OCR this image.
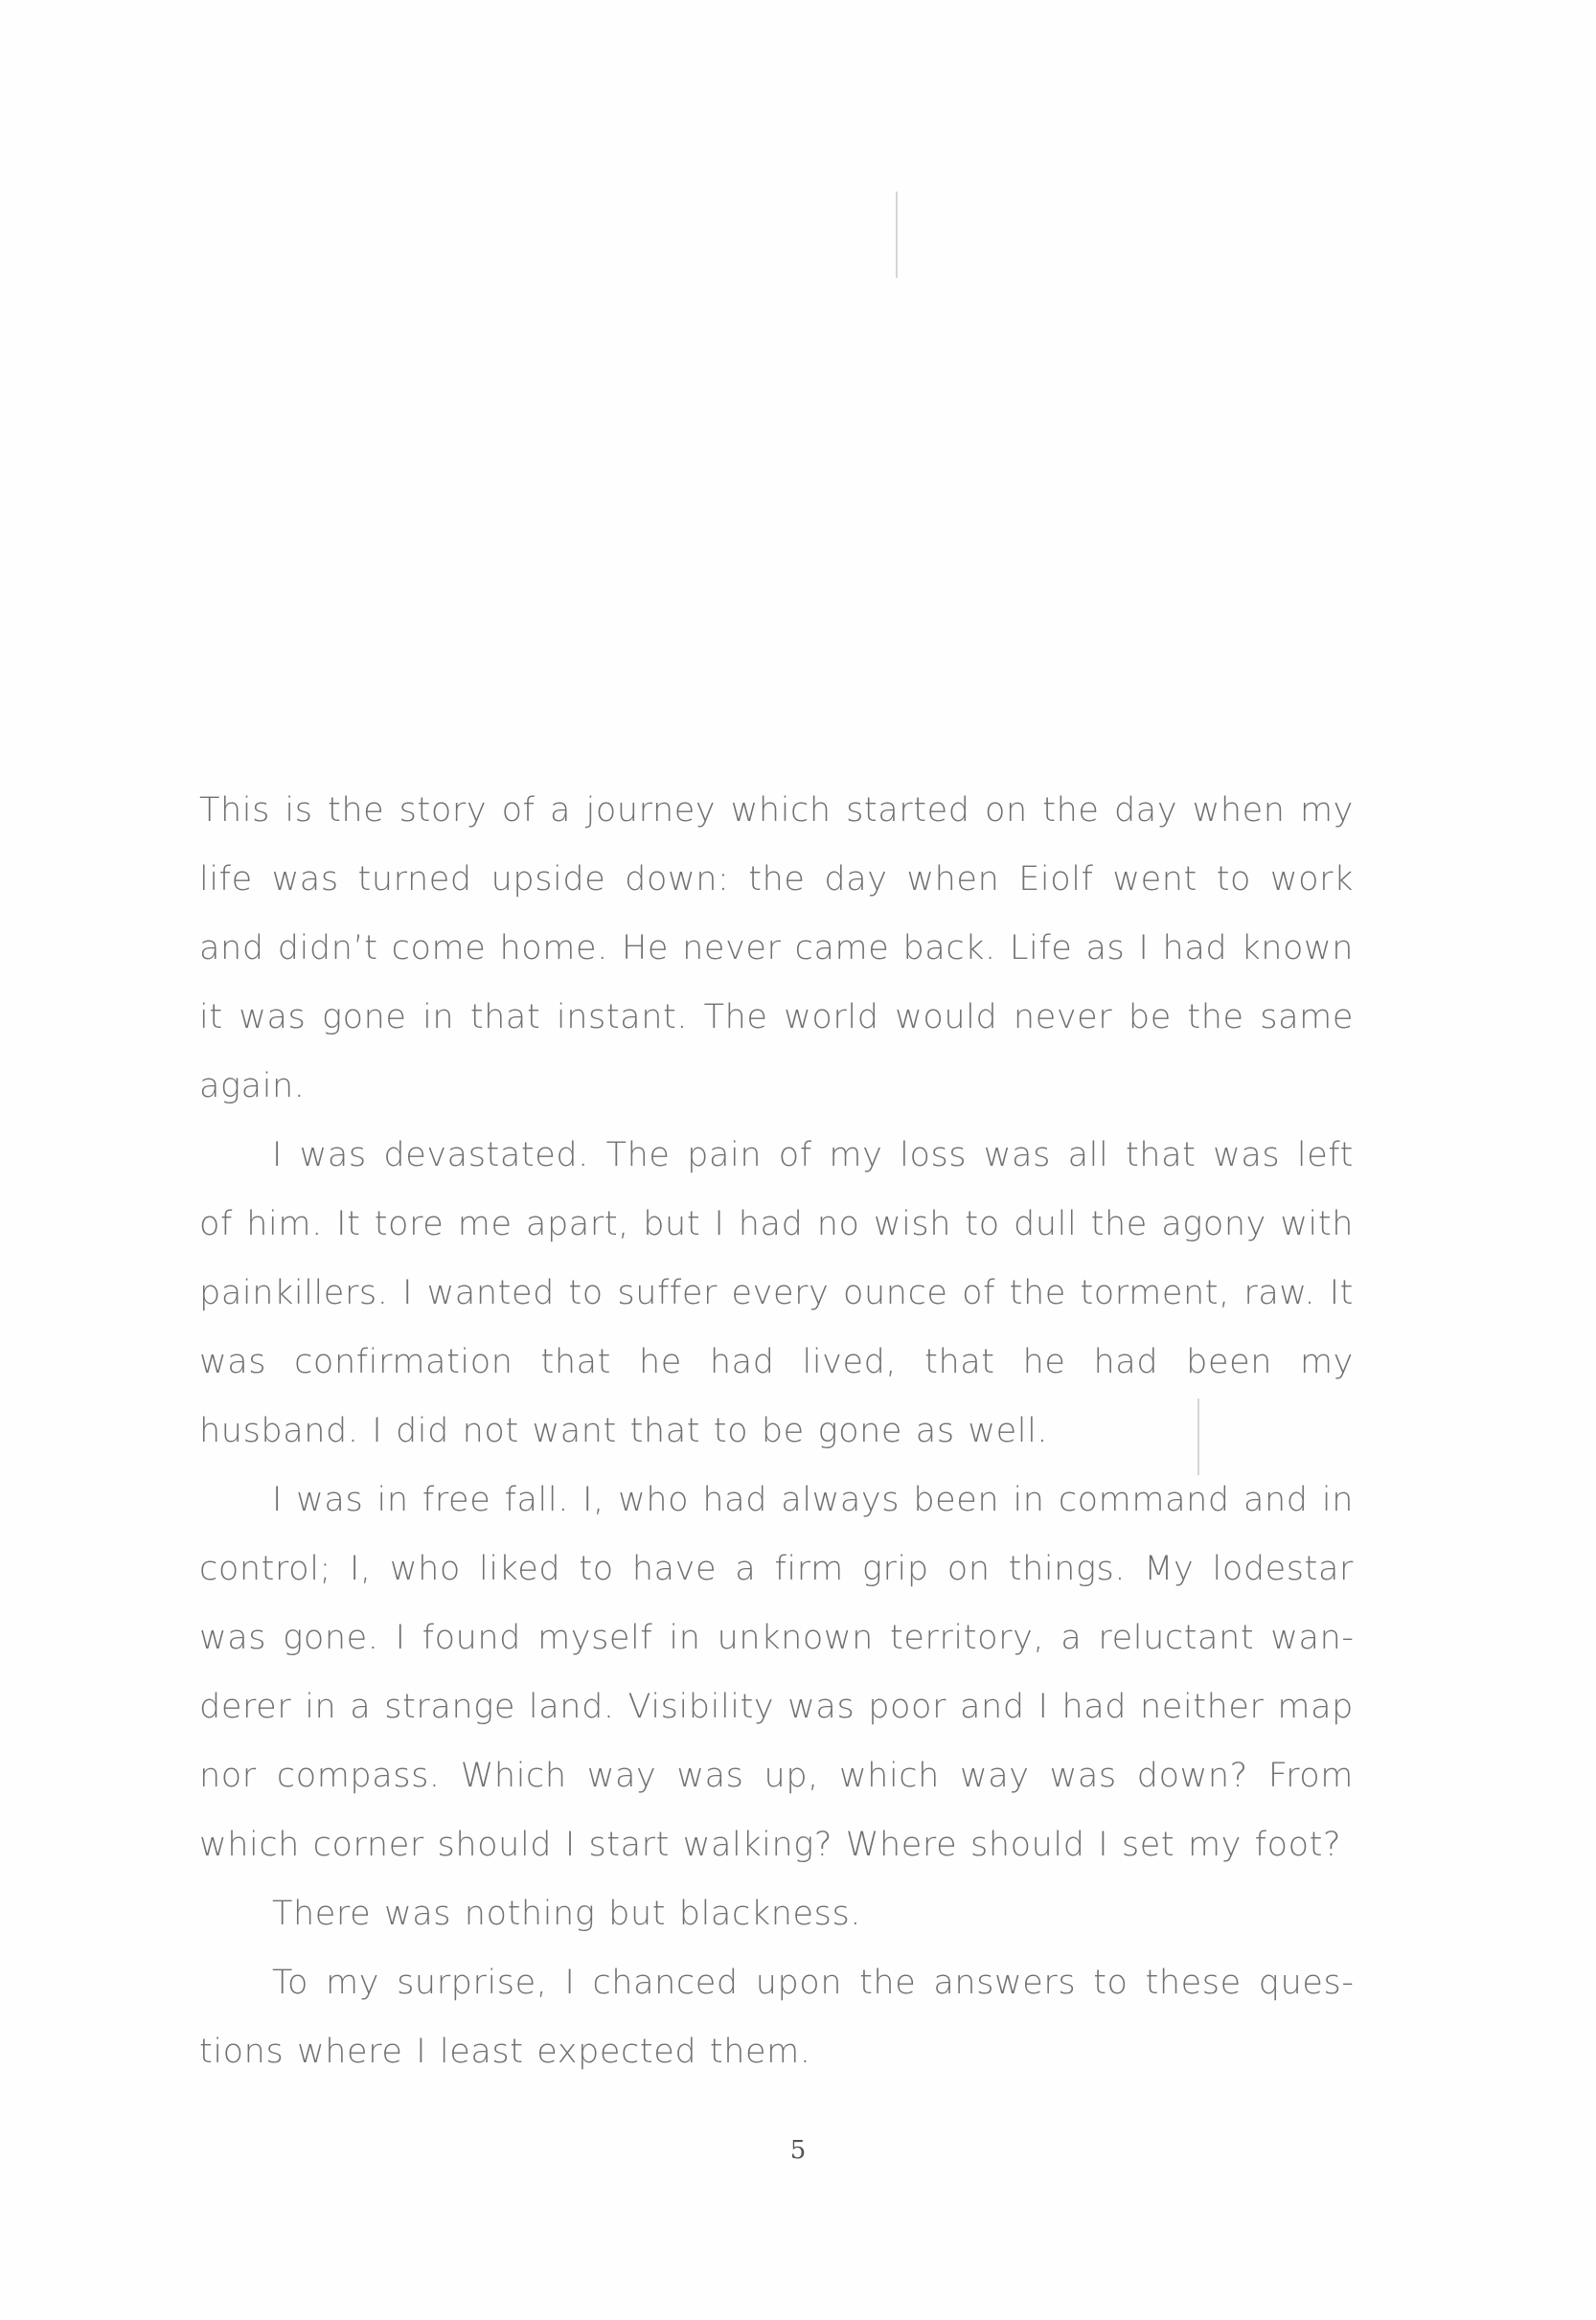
This is the story of a journey which started on the day when my life was turned upside down: the day when Eiolf went to work and didn’t come home. He never came back. Life as I had known it was gone in that instant. The world would never be the same again.

I was devastated. The pain of my loss was all that was left of him. It tore me apart, but I had no wish to dull the agony with painkillers. I wanted to suffer every ounce of the torment, raw. It was confirmation that he had lived, that he had been my husband. I did not want that to be gone as well.

I was in free fall. I, who had always been in command and in control; I, who liked to have a firm grip on things. My lodestar was gone. I found myself in unknown territory, a reluctant wanderer in a strange land. Visibility was poor and I had neither map nor compass. Which way was up, which way was down? From which corner should I start walking? Where should I set my foot?

There was nothing but blackness.

To my surprise, I chanced upon the answers to these questions where I least expected them.

5
